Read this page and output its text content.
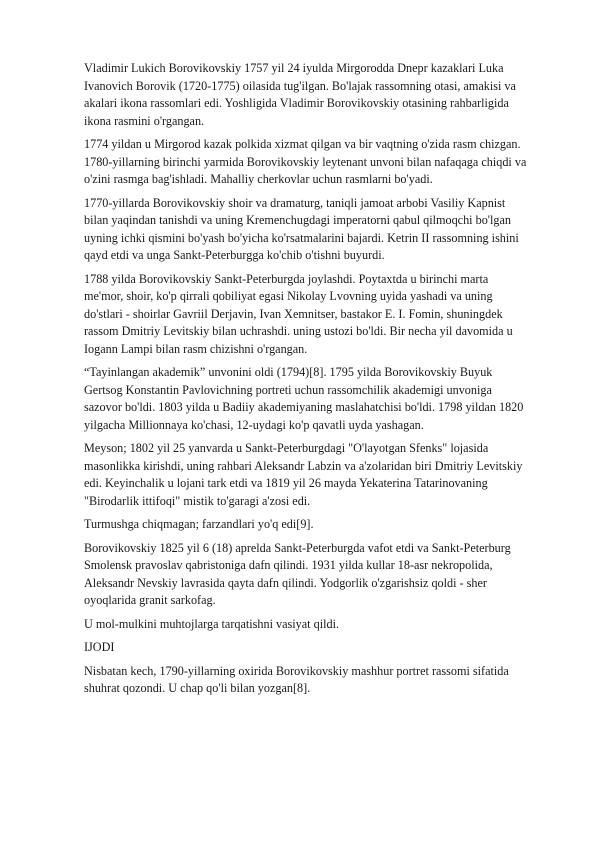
Vladimir Lukich Borovikovskiy 1757 yil 24 iyulda Mirgorodda Dnepr kazaklari Luka Ivanovich Borovik (1720-1775) oilasida tug'ilgan. Bo'lajak rassomning otasi, amakisi va akalari ikona rassomlari edi. Yoshligida Vladimir Borovikovskiy otasining rahbarligida ikona rasmini o'rgangan.

1774 yildan u Mirgorod kazak polkida xizmat qilgan va bir vaqtning o'zida rasm chizgan. 1780-yillarning birinchi yarmida Borovikovskiy leytenant unvoni bilan nafaqaga chiqdi va o'zini rasmga bag'ishladi. Mahalliy cherkovlar uchun rasmlarni bo'yadi.

1770-yillarda Borovikovskiy shoir va dramaturg, taniqli jamoat arbobi Vasiliy Kapnist bilan yaqindan tanishdi va uning Kremenchugdagi imperatorni qabul qilmoqchi bo'lgan uyning ichki qismini bo'yash bo'yicha ko'rsatmalarini bajardi. Ketrin II rassomning ishini qayd etdi va unga Sankt-Peterburgga ko'chib o'tishni buyurdi.

1788 yilda Borovikovskiy Sankt-Peterburgda joylashdi. Poytaxtda u birinchi marta me'mor, shoir, ko'p qirrali qobiliyat egasi Nikolay Lvovning uyida yashadi va uning do'stlari - shoirlar Gavriil Derjavin, Ivan Xemnitser, bastakor E. I. Fomin, shuningdek rassom Dmitriy Levitskiy bilan uchrashdi. uning ustozi bo'ldi. Bir necha yil davomida u Iogann Lampi bilan rasm chizishni o'rgangan.

“Tayinlangan akademik” unvonini oldi (1794)[8]. 1795 yilda Borovikovskiy Buyuk Gertsog Konstantin Pavlovichning portreti uchun rassomchilik akademigi unvoniga sazovor bo'ldi. 1803 yilda u Badiiy akademiyaning maslahatchisi bo'ldi. 1798 yildan 1820 yilgacha Millionnaya ko'chasi, 12-uydagi ko'p qavatli uyda yashagan.

Meyson; 1802 yil 25 yanvarda u Sankt-Peterburgdagi "O'layotgan Sfenks" lojasida masonlikka kirishdi, uning rahbari Aleksandr Labzin va a'zolaridan biri Dmitriy Levitskiy edi. Keyinchalik u lojani tark etdi va 1819 yil 26 mayda Yekaterina Tatarinovaning "Birodarlik ittifoqi" mistik to'garagi a'zosi edi.

Turmushga chiqmagan; farzandlari yo'q edi[9].

Borovikovskiy 1825 yil 6 (18) aprelda Sankt-Peterburgda vafot etdi va Sankt-Peterburg Smolensk pravoslav qabristoniga dafn qilindi. 1931 yilda kullar 18-asr nekropolida, Aleksandr Nevskiy lavrasida qayta dafn qilindi. Yodgorlik o'zgarishsiz qoldi - sher oyoqlarida granit sarkofag.

U mol-mulkini muhtojlarga tarqatishni vasiyat qildi.

IJODI

Nisbatan kech, 1790-yillarning oxirida Borovikovskiy mashhur portret rassomi sifatida shuhrat qozondi. U chap qo'li bilan yozgan[8].
